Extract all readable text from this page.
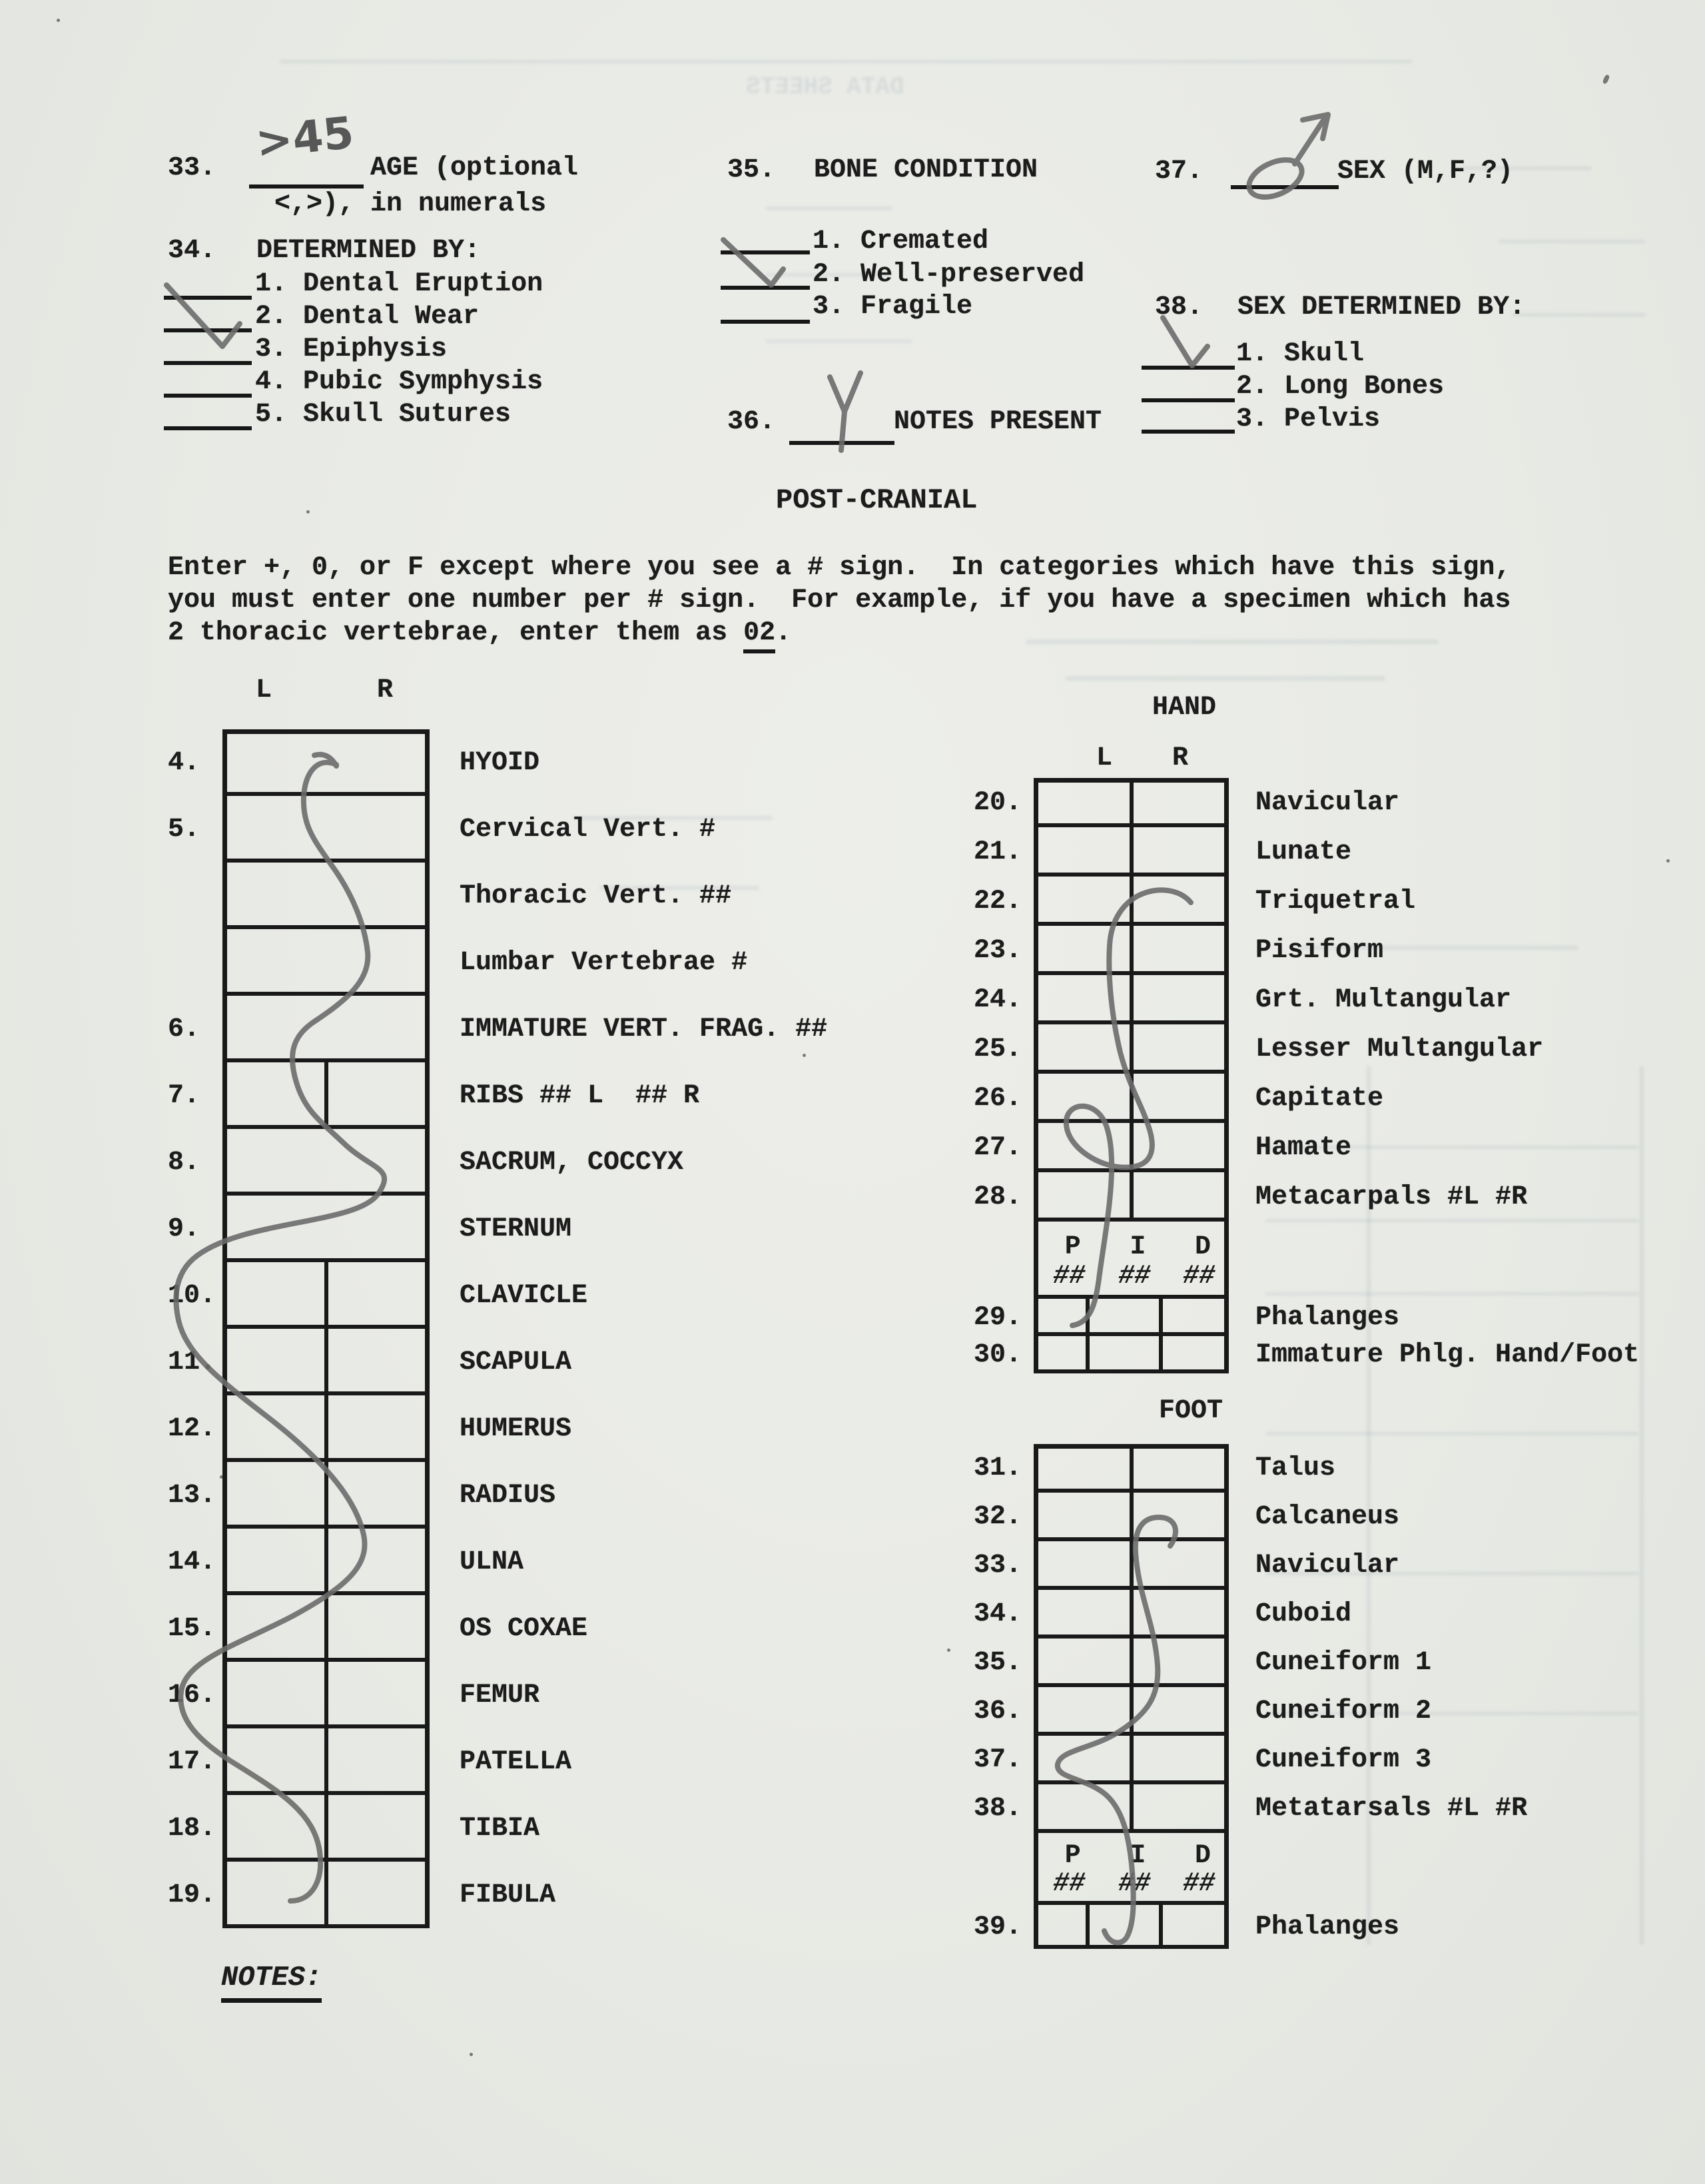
DATA SHEETS
33.
>45
AGE (optional
<,>), in numerals
34. DETERMINED BY:
1. Dental Eruption
2. Dental Wear
3. Epiphysis
4. Pubic Symphysis
5. Skull Sutures
35. BONE CONDITION
1. Cremated
2. Well-preserved
3. Fragile
36.	NOTES PRESENT
37.	SEX (M,F,?)
38. SEX DETERMINED BY:
1. Skull
2. Long Bones
3. Pelvis
POST-CRANIAL
Enter +, 0, or F except where you see a # sign.  In categories which have this sign,
you must enter one number per # sign.  For example, if you have a specimen which has
2 thoracic vertebrae, enter them as 02.
L	R
4.	HYOID
5.	Cervical Vert. #
Thoracic Vert. ##
Lumbar Vertebrae #
6.	IMMATURE VERT. FRAG. ##
7.	RIBS ## L  ## R
8.	SACRUM, COCCYX
9.	STERNUM
10.	CLAVICLE
11.	SCAPULA
12.	HUMERUS
13.	RADIUS
14.	ULNA
15.	OS COXAE
16.	FEMUR
17.	PATELLA
18.	TIBIA
19.	FIBULA
HAND
L R
20.	Navicular
21.	Lunate
22.	Triquetral
23.	Pisiform
24.	Grt. Multangular
25.	Lesser Multangular
26.	Capitate
27.	Hamate
28.	Metacarpals #L #R
P	I	D
## ## ##
29.	Phalanges
30.	Immature Phlg. Hand/Foot
FOOT
31.	Talus
32.	Calcaneus
33.	Navicular
34.	Cuboid
35.	Cuneiform 1
36.	Cuneiform 2
37.	Cuneiform 3
38.	Metatarsals #L #R
P	I	D
## ## ##
39.	Phalanges
NOTES:
